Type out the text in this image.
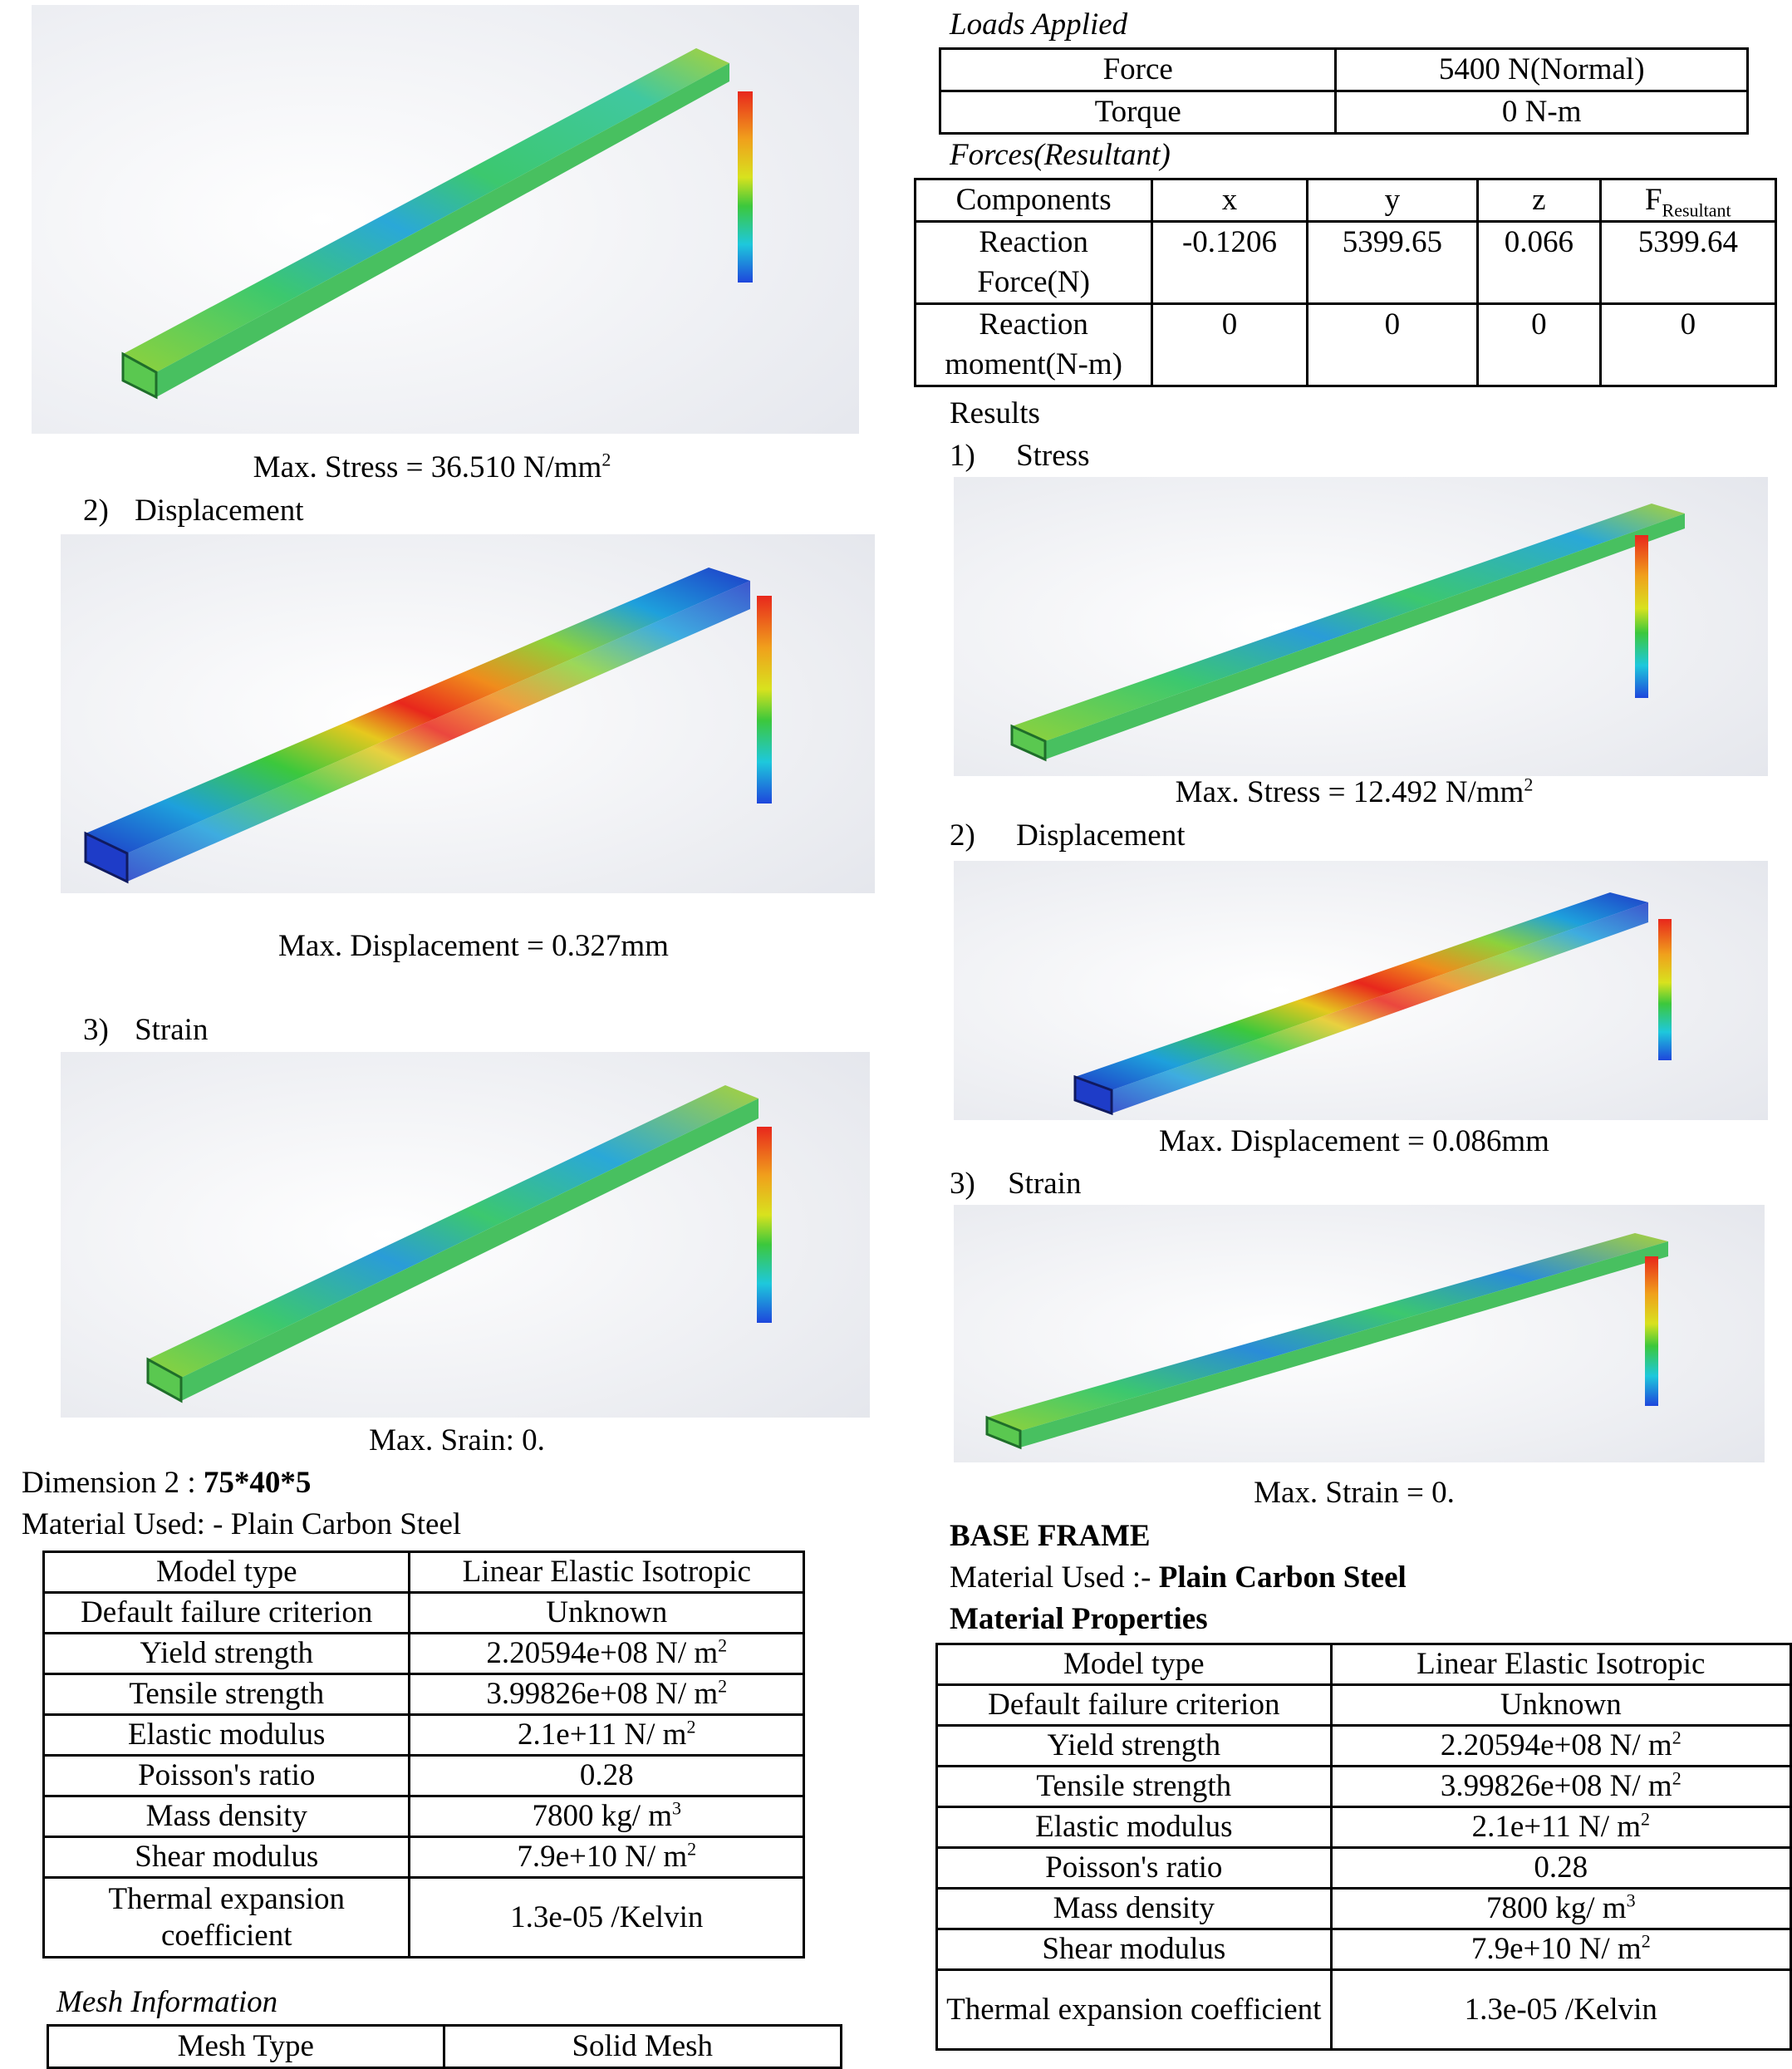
Max. Stress = 36.510 $N/mm^2$
2) Displacement
Max. Displacement = 0.327mm
3) Strain
Max. Srain: 0.
Dimension 2 : 75*40*5
Material Used: - Plain Carbon Steel
Model type	Linear Elastic Isotropic
Default failure criterion	Unknown
Yield strength	2.20594e+08 N/ $m^2$
Tensile strength	3.99826e+08 N/ $m^2$
Elastic modulus	2.1e+11 N/ $m^2$
Poisson's ratio	0.28
Mass density	7800 kg/ $m^3$
Shear modulus	7.9e+10 N/ $m^2$
Thermal expansion coefficient	1.3e-05 /Kelvin
Mesh Information
Mesh Type	Solid Mesh
Loads Applied
Force	5400 N(Normal)
Torque	0 N-m
Forces(Resultant)
Components	x	y	z	$F_{Resultant}$
Reaction Force(N)	-0.1206	5399.65	0.066	5399.64
Reaction moment(N-m)	0	0	0	0
Results
1) Stress
Max. Stress = 12.492 $N/mm^2$
2) Displacement
Max. Displacement = 0.086mm
3) Strain
Max. Strain = 0.
BASE FRAME
Material Used :- Plain Carbon Steel
Material Properties
Model type	Linear Elastic Isotropic
Default failure criterion	Unknown
Yield strength	2.20594e+08 N/ $m^2$
Tensile strength	3.99826e+08 N/ $m^2$
Elastic modulus	2.1e+11 N/ $m^2$
Poisson's ratio	0.28
Mass density	7800 kg/ $m^3$
Shear modulus	7.9e+10 N/ $m^2$
Thermal expansion coefficient	1.3e-05 /Kelvin
